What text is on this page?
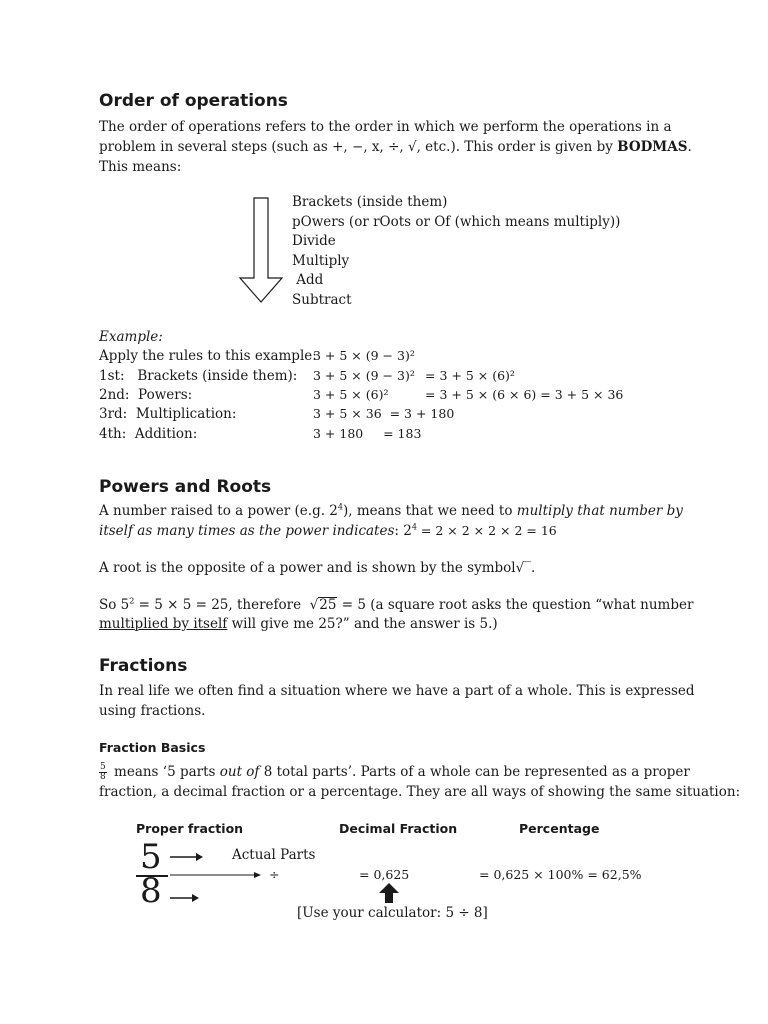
Order of operations
The order of operations refers to the order in which we perform the operations in a
problem in several steps (such as +, −, x, ÷, √, etc.). This order is given by BODMAS.
This means:
Brackets (inside them)
pOwers (or rOots or Of (which means multiply))
Divide
Multiply
Add
Subtract
Example:
Apply the rules to this example:
3 + 5 × (9 − 3)²
1st:   Brackets (inside them): 3 + 5 × (9 − 3)² = 3 + 5 × (6)²
2nd:  Powers:	3 + 5 × (6)²	= 3 + 5 × (6 × 6) = 3 + 5 × 36
3rd:  Multiplication:	3 + 5 × 36  = 3 + 180
4th:  Addition:	3 + 180     = 183
Powers and Roots
A number raised to a power (e.g. $2^4$), means that we need to multiply that number by
itself as many times as the power indicates: $2^4 = 2 \times 2 \times 2 \times 2 = 16$
A root is the opposite of a power and is shown by the symbol√‾.
So $5^2 = 5 \times 5 = 25$, therefore  √25 = 5 (a square root asks the question “what number
multiplied by itself will give me 25?” and the answer is 5.)
Fractions
In real life we often find a situation where we have a part of a whole. This is expressed
using fractions.
Fraction Basics
$\frac{5}{8}$ means ‘5 parts out of 8 total parts’. Parts of a whole can be represented as a proper
fraction, a decimal fraction or a percentage. They are all ways of showing the same situation:
Proper fraction	Decimal Fraction	Percentage
5
8
Actual Parts
÷	= 0,625	= 0,625 × 100% = 62,5%
[Use your calculator: 5 ÷ 8]
